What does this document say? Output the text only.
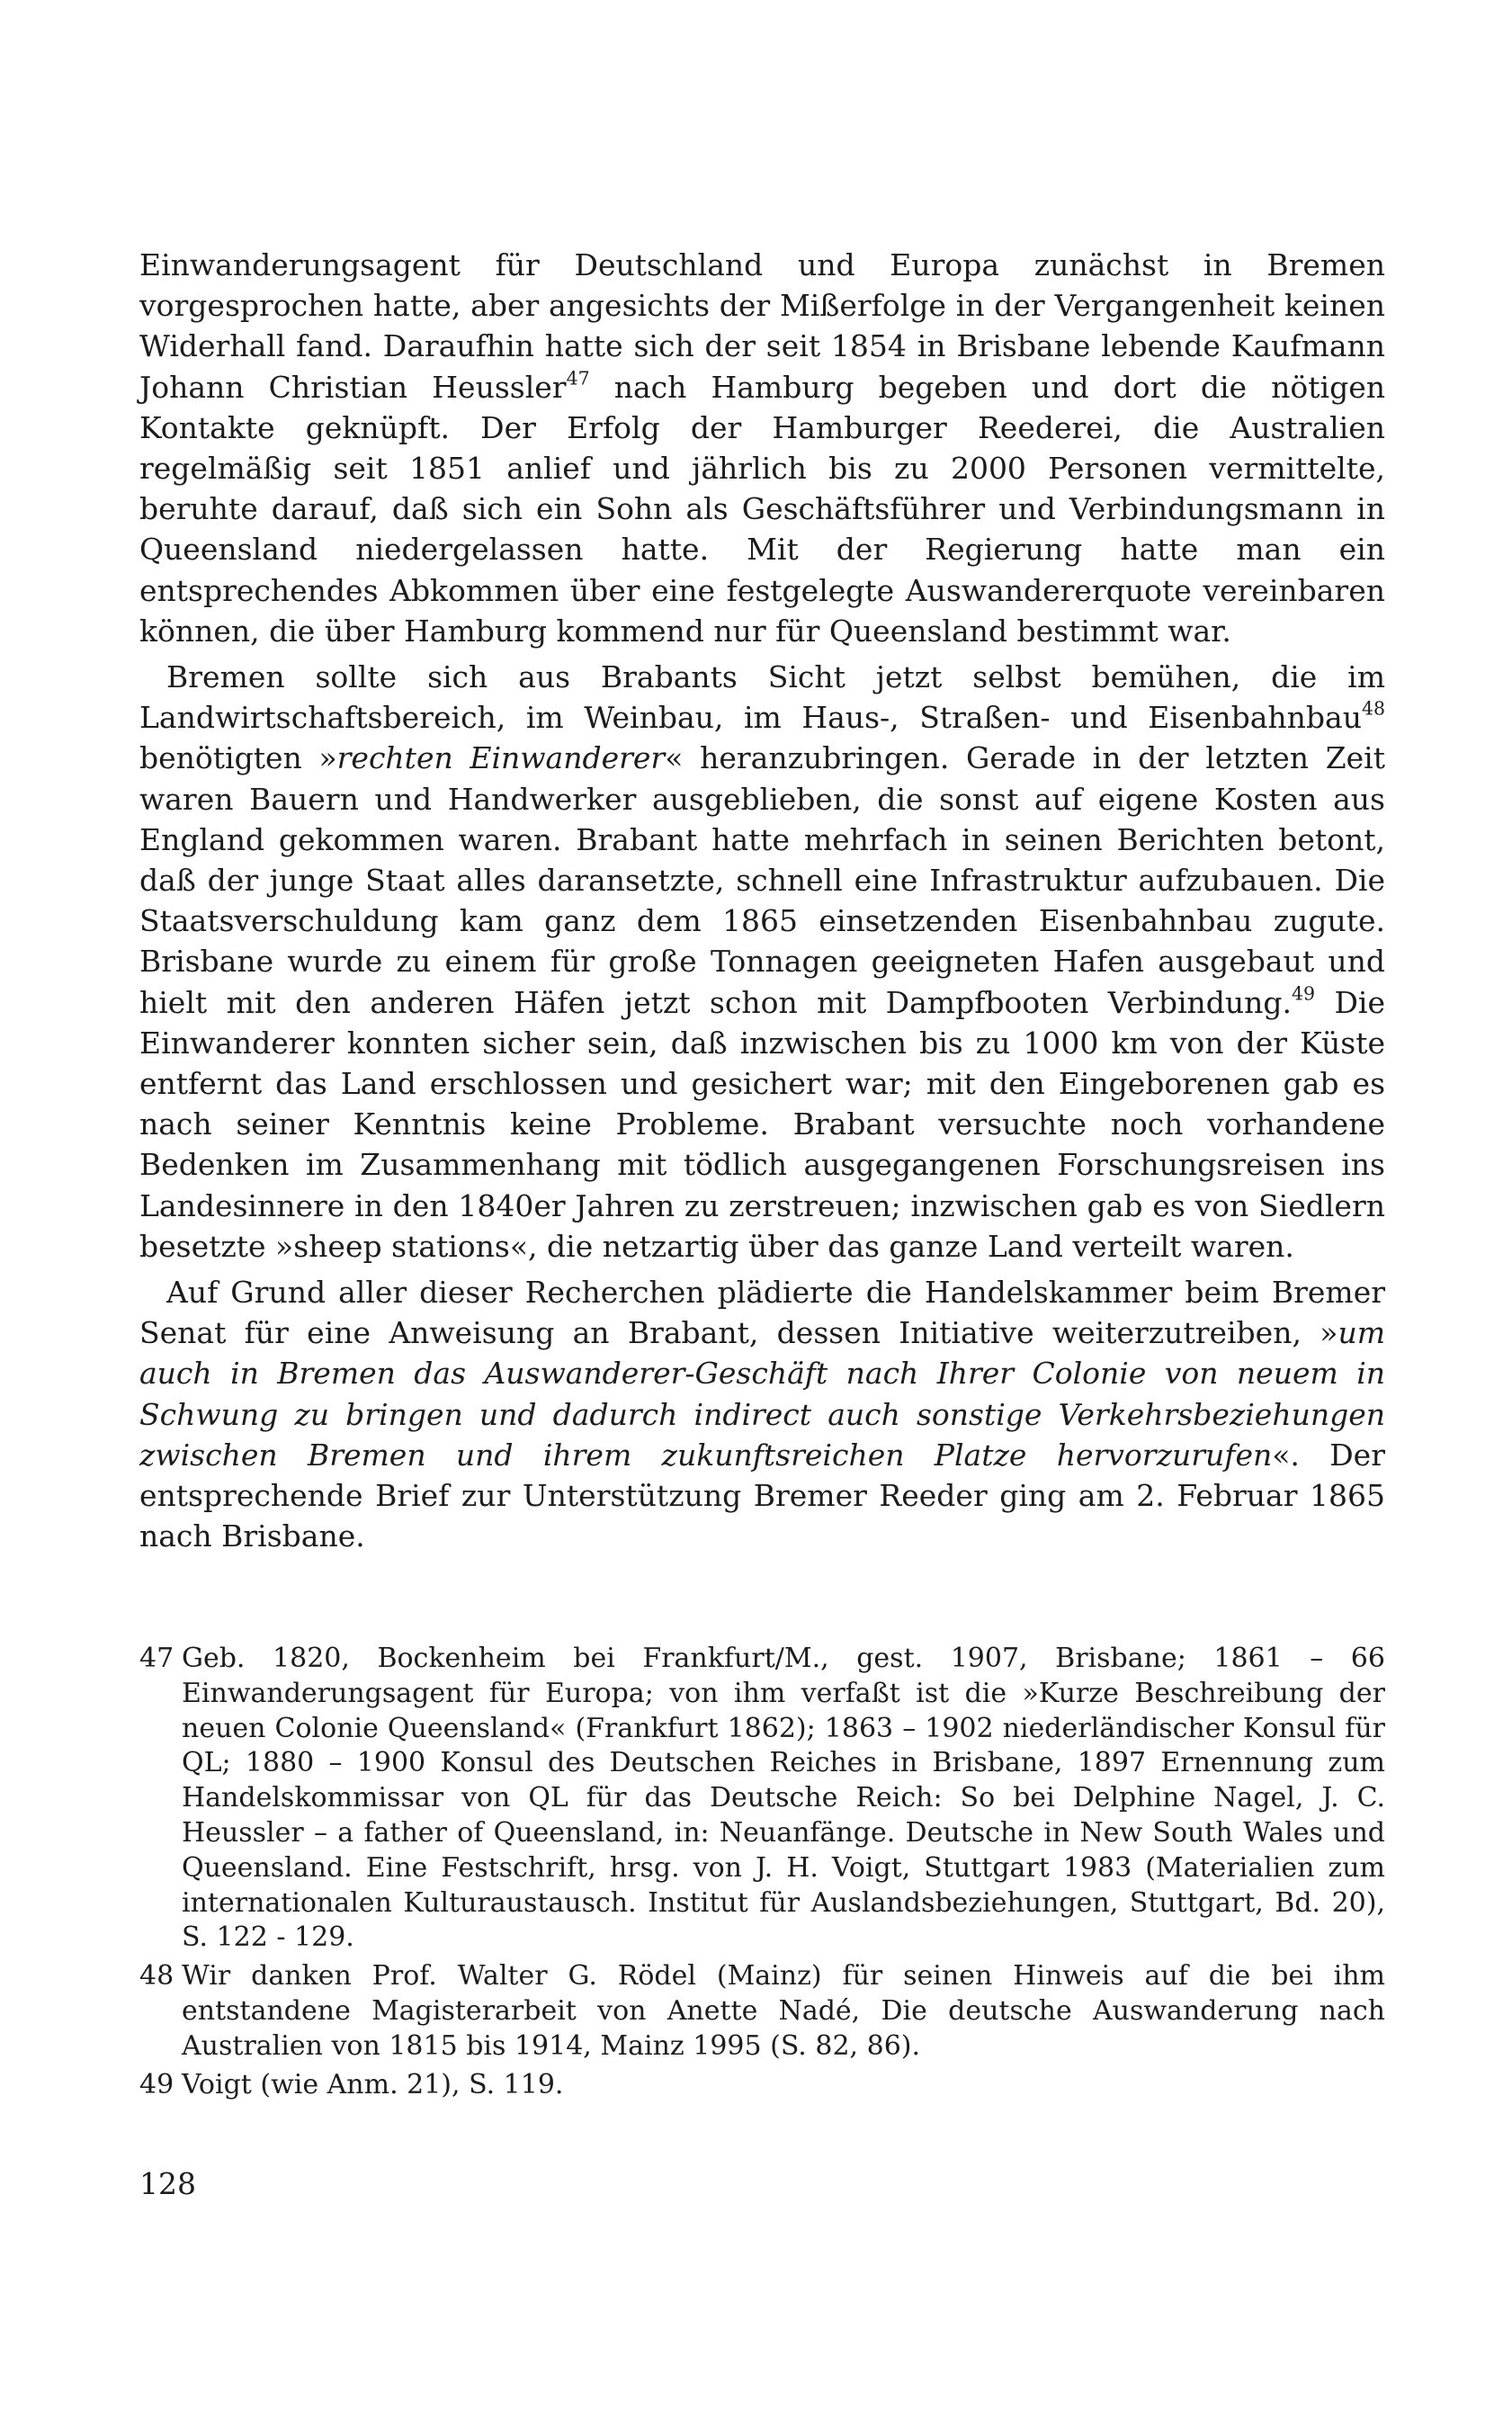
Einwanderungsagent für Deutschland und Europa zunächst in Bremen vorgesprochen hatte, aber angesichts der Mißerfolge in der Vergangenheit keinen Widerhall fand. Daraufhin hatte sich der seit 1854 in Brisbane lebende Kaufmann Johann Christian Heussler$^{47}$ nach Hamburg begeben und dort die nötigen Kontakte geknüpft. Der Erfolg der Hamburger Reederei, die Australien regelmäßig seit 1851 anlief und jährlich bis zu 2000 Personen vermittelte, beruhte darauf, daß sich ein Sohn als Geschäftsführer und Verbindungsmann in Queensland niedergelassen hatte. Mit der Regierung hatte man ein entsprechendes Abkommen über eine festgelegte Auswandererquote vereinbaren können, die über Hamburg kommend nur für Queensland bestimmt war.

Bremen sollte sich aus Brabants Sicht jetzt selbst bemühen, die im Landwirtschaftsbereich, im Weinbau, im Haus-, Straßen- und Eisenbahnbau$^{48}$ benötigten »rechten Einwanderer« heranzubringen. Gerade in der letzten Zeit waren Bauern und Handwerker ausgeblieben, die sonst auf eigene Kosten aus England gekommen waren. Brabant hatte mehrfach in seinen Berichten betont, daß der junge Staat alles daransetzte, schnell eine Infrastruktur aufzubauen. Die Staatsverschuldung kam ganz dem 1865 einsetzenden Eisenbahnbau zugute. Brisbane wurde zu einem für große Tonnagen geeigneten Hafen ausgebaut und hielt mit den anderen Häfen jetzt schon mit Dampfbooten Verbindung.$^{49}$ Die Einwanderer konnten sicher sein, daß inzwischen bis zu 1000 km von der Küste entfernt das Land erschlossen und gesichert war; mit den Eingeborenen gab es nach seiner Kenntnis keine Probleme. Brabant versuchte noch vorhandene Bedenken im Zusammenhang mit tödlich ausgegangenen Forschungsreisen ins Landesinnere in den 1840er Jahren zu zerstreuen; inzwischen gab es von Siedlern besetzte »sheep stations«, die netzartig über das ganze Land verteilt waren.

Auf Grund aller dieser Recherchen plädierte die Handelskammer beim Bremer Senat für eine Anweisung an Brabant, dessen Initiative weiterzutreiben, »um auch in Bremen das Auswanderer-Geschäft nach Ihrer Colonie von neuem in Schwung zu bringen und dadurch indirect auch sonstige Verkehrsbeziehungen zwischen Bremen und ihrem zukunftsreichen Platze hervorzurufen«. Der entsprechende Brief zur Unterstützung Bremer Reeder ging am 2. Februar 1865 nach Brisbane.

47 Geb. 1820, Bockenheim bei Frankfurt/M., gest. 1907, Brisbane; 1861 – 66 Einwanderungsagent für Europa; von ihm verfaßt ist die »Kurze Beschreibung der neuen Colonie Queensland« (Frankfurt 1862); 1863 – 1902 niederländischer Konsul für QL; 1880 – 1900 Konsul des Deutschen Reiches in Brisbane, 1897 Ernennung zum Handelskommissar von QL für das Deutsche Reich: So bei Delphine Nagel, J. C. Heussler – a father of Queensland, in: Neuanfänge. Deutsche in New South Wales und Queensland. Eine Festschrift, hrsg. von J. H. Voigt, Stuttgart 1983 (Materialien zum internationalen Kulturaustausch. Institut für Auslandsbeziehungen, Stuttgart, Bd. 20), S. 122 - 129.
48 Wir danken Prof. Walter G. Rödel (Mainz) für seinen Hinweis auf die bei ihm entstandene Magisterarbeit von Anette Nadé, Die deutsche Auswanderung nach Australien von 1815 bis 1914, Mainz 1995 (S. 82, 86).
49 Voigt (wie Anm. 21), S. 119.
128
